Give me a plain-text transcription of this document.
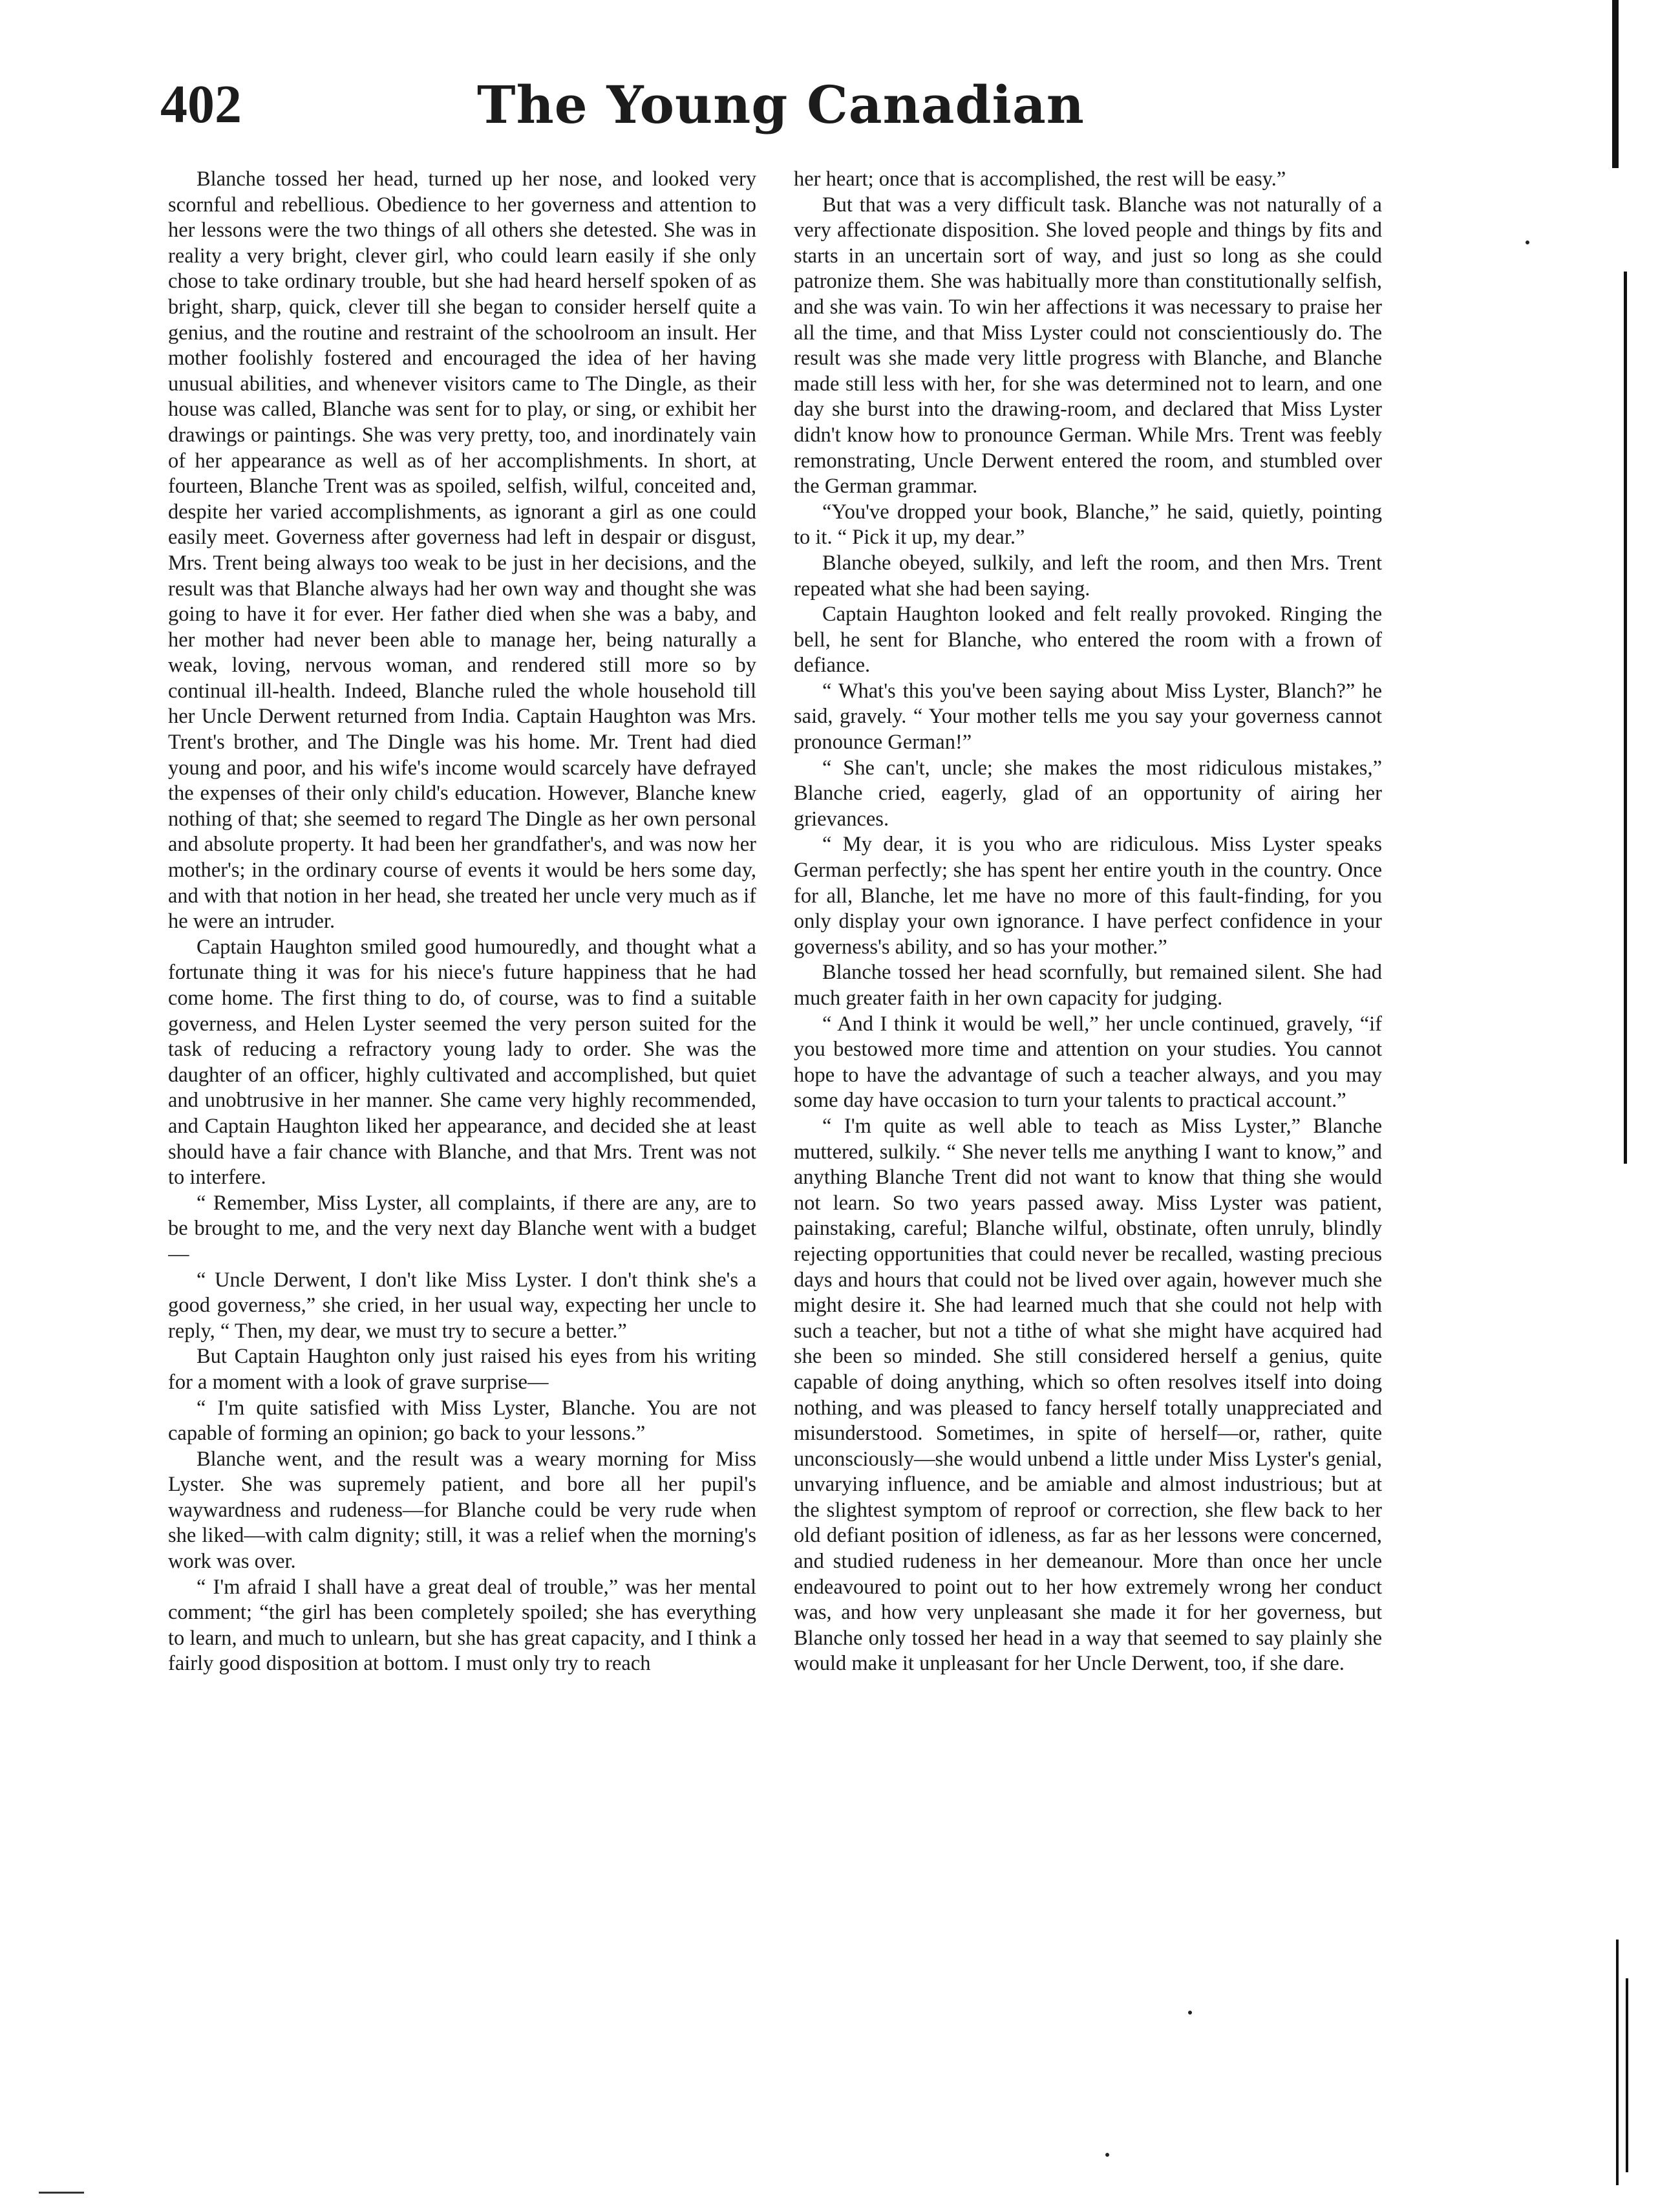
402	The Young Canadian

Blanche tossed her head, turned up her nose, and looked very scornful and rebellious. Obedience to her governess and attention to her lessons were the two things of all others she detested. She was in reality a very bright, clever girl, who could learn easily if she only chose to take ordinary trouble, but she had heard herself spoken of as bright, sharp, quick, clever till she began to consider herself quite a genius, and the routine and restraint of the schoolroom an insult. Her mother foolishly fostered and encouraged the idea of her having unusual abilities, and whenever visitors came to The Dingle, as their house was called, Blanche was sent for to play, or sing, or exhibit her drawings or paintings. She was very pretty, too, and inordinately vain of her appearance as well as of her accomplishments. In short, at fourteen, Blanche Trent was as spoiled, selfish, wilful, conceited and, despite her varied accomplishments, as ignorant a girl as one could easily meet. Governess after governess had left in despair or disgust, Mrs. Trent being always too weak to be just in her decisions, and the result was that Blanche always had her own way and thought she was going to have it for ever. Her father died when she was a baby, and her mother had never been able to manage her, being naturally a weak, loving, nervous woman, and rendered still more so by continual ill-health. Indeed, Blanche ruled the whole household till her Uncle Derwent returned from India. Captain Haughton was Mrs. Trent's brother, and The Dingle was his home. Mr. Trent had died young and poor, and his wife's income would scarcely have defrayed the expenses of their only child's education. However, Blanche knew nothing of that; she seemed to regard The Dingle as her own personal and absolute property. It had been her grandfather's, and was now her mother's; in the ordinary course of events it would be hers some day, and with that notion in her head, she treated her uncle very much as if he were an intruder.

Captain Haughton smiled good humouredly, and thought what a fortunate thing it was for his niece's future happiness that he had come home. The first thing to do, of course, was to find a suitable governess, and Helen Lyster seemed the very person suited for the task of reducing a refractory young lady to order. She was the daughter of an officer, highly cultivated and accomplished, but quiet and unobtrusive in her manner. She came very highly recommended, and Captain Haughton liked her appearance, and decided she at least should have a fair chance with Blanche, and that Mrs. Trent was not to interfere.

“ Remember, Miss Lyster, all complaints, if there are any, are to be brought to me, and the very next day Blanche went with a budget—

“ Uncle Derwent, I don't like Miss Lyster. I don't think she's a good governess,” she cried, in her usual way, expecting her uncle to reply, “ Then, my dear, we must try to secure a better.”

But Captain Haughton only just raised his eyes from his writing for a moment with a look of grave surprise—

“ I'm quite satisfied with Miss Lyster, Blanche. You are not capable of forming an opinion; go back to your lessons.”

Blanche went, and the result was a weary morning for Miss Lyster. She was supremely patient, and bore all her pupil's waywardness and rudeness—for Blanche could be very rude when she liked—with calm dignity; still, it was a relief when the morning's work was over.

“ I'm afraid I shall have a great deal of trouble,” was her mental comment; “the girl has been completely spoiled; she has everything to learn, and much to unlearn, but she has great capacity, and I think a fairly good disposition at bottom. I must only try to reach

her heart; once that is accomplished, the rest will be easy.”

But that was a very difficult task. Blanche was not naturally of a very affectionate disposition. She loved people and things by fits and starts in an uncertain sort of way, and just so long as she could patronize them. She was habitually more than constitutionally selfish, and she was vain. To win her affections it was necessary to praise her all the time, and that Miss Lyster could not conscientiously do. The result was she made very little progress with Blanche, and Blanche made still less with her, for she was determined not to learn, and one day she burst into the drawing-room, and declared that Miss Lyster didn't know how to pronounce German. While Mrs. Trent was feebly remonstrating, Uncle Derwent entered the room, and stumbled over the German grammar.

“You've dropped your book, Blanche,” he said, quietly, pointing to it. “ Pick it up, my dear.”

Blanche obeyed, sulkily, and left the room, and then Mrs. Trent repeated what she had been saying.

Captain Haughton looked and felt really provoked. Ringing the bell, he sent for Blanche, who entered the room with a frown of defiance.

“ What's this you've been saying about Miss Lyster, Blanch?” he said, gravely. “ Your mother tells me you say your governess cannot pronounce German!”

“ She can't, uncle; she makes the most ridiculous mistakes,” Blanche cried, eagerly, glad of an opportunity of airing her grievances.

“ My dear, it is you who are ridiculous. Miss Lyster speaks German perfectly; she has spent her entire youth in the country. Once for all, Blanche, let me have no more of this fault-finding, for you only display your own ignorance. I have perfect confidence in your governess's ability, and so has your mother.”

Blanche tossed her head scornfully, but remained silent. She had much greater faith in her own capacity for judging.

“ And I think it would be well,” her uncle continued, gravely, “if you bestowed more time and attention on your studies. You cannot hope to have the advantage of such a teacher always, and you may some day have occasion to turn your talents to practical account.”

“ I'm quite as well able to teach as Miss Lyster,” Blanche muttered, sulkily. “ She never tells me anything I want to know,” and anything Blanche Trent did not want to know that thing she would not learn. So two years passed away. Miss Lyster was patient, painstaking, careful; Blanche wilful, obstinate, often unruly, blindly rejecting opportunities that could never be recalled, wasting precious days and hours that could not be lived over again, however much she might desire it. She had learned much that she could not help with such a teacher, but not a tithe of what she might have acquired had she been so minded. She still considered herself a genius, quite capable of doing anything, which so often resolves itself into doing nothing, and was pleased to fancy herself totally unappreciated and misunderstood. Sometimes, in spite of herself—or, rather, quite unconsciously—she would unbend a little under Miss Lyster's genial, unvarying influence, and be amiable and almost industrious; but at the slightest symptom of reproof or correction, she flew back to her old defiant position of idleness, as far as her lessons were concerned, and studied rudeness in her demeanour. More than once her uncle endeavoured to point out to her how extremely wrong her conduct was, and how very unpleasant she made it for her governess, but Blanche only tossed her head in a way that seemed to say plainly she would make it unpleasant for her Uncle Derwent, too, if she dare.
